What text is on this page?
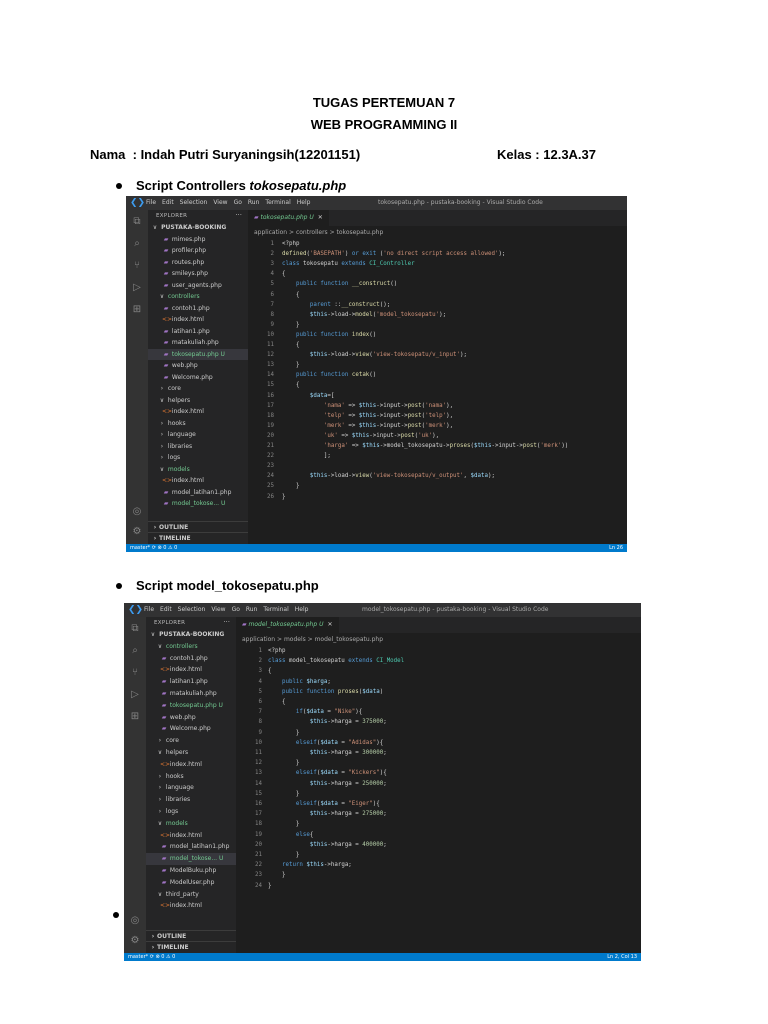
TUGAS PERTEMUAN 7
WEB PROGRAMMING II
Nama  : Indah Putri Suryaningsih(12201151)	Kelas : 12.3A.37
Script Controllers tokosepatu.php
❮❯ File Edit Selection View Go Run Terminal Help	tokosepatu.php - pustaka-booking - Visual Studio Code
⧉
⌕
⑂
▷
⊞
◎
⚙
EXPLORER	···
∨ PUSTAKA-BOOKING
▰ mimes.php
▰ profiler.php
▰ routes.php
▰ smileys.php
▰ user_agents.php
∨ controllers
▰ contoh1.php
<> index.html
▰ latihan1.php
▰ matakuliah.php
▰ tokosepatu.php U
▰ web.php
▰ Welcome.php
› core
∨ helpers
<> index.html
› hooks
› language
› libraries
› logs
∨ models
<> index.html
▰ model_latihan1.php
▰ model_tokose... U
› OUTLINE
› TIMELINE
▰ tokosepatu.php U ✕
application > controllers > tokosepatu.php
1 <?php
2 defined('BASEPATH') or exit ('no direct script access allowed');
3 class tokosepatu extends CI_Controller
4 {
5	public function __construct()
6 {
7	parent ::__construct();
8	$this->load->model('model_tokosepatu');
9 }
10	public function index()
11 {
12	$this->load->view('view-tokosepatu/v_input');
13 }
14	public function cetak()
15 {
16	$data=[
17	'nama' => $this->input->post('nama'),
18	'telp' => $this->input->post('telp'),
19	'merk' => $this->input->post('merk'),
20	'uk' => $this->input->post('uk'),
21	'harga' => $this->model_tokosepatu->proses($this->input->post('merk'))
22 ];
23
24	$this->load->view('view-tokosepatu/v_output', $data);
25 }
26 }
master* ⟳ ⊗ 0 ⚠ 0	Ln 26
Script model_tokosepatu.php
❮❯ File Edit Selection View Go Run Terminal Help	model_tokosepatu.php - pustaka-booking - Visual Studio Code
⧉
⌕
⑂
▷
⊞
◎
⚙
EXPLORER	···
∨ PUSTAKA-BOOKING
∨ controllers
▰ contoh1.php
<> index.html
▰ latihan1.php
▰ matakuliah.php
▰ tokosepatu.php U
▰ web.php
▰ Welcome.php
› core
∨ helpers
<> index.html
› hooks
› language
› libraries
› logs
∨ models
<> index.html
▰ model_latihan1.php
▰ model_tokose... U
▰ ModelBuku.php
▰ ModelUser.php
∨ third_party
<> index.html
› OUTLINE
› TIMELINE
▰ model_tokosepatu.php U ✕
application > models > model_tokosepatu.php
1 <?php
2 class model_tokosepatu extends CI_Model
3 {
4	public $harga;
5	public function proses($data)
6 {
7	if($data = "Nike"){
8	$this->harga = 375000;
9 }
10	elseif($data = "Adidas"){
11	$this->harga = 300000;
12 }
13	elseif($data = "Kickers"){
14	$this->harga = 250000;
15 }
16	elseif($data = "Eiger"){
17	$this->harga = 275000;
18 }
19	else{
20	$this->harga = 400000;
21 }
22	return $this->harga;
23 }
24 }
master* ⟳ ⊗ 0 ⚠ 0	Ln 2, Col 13
